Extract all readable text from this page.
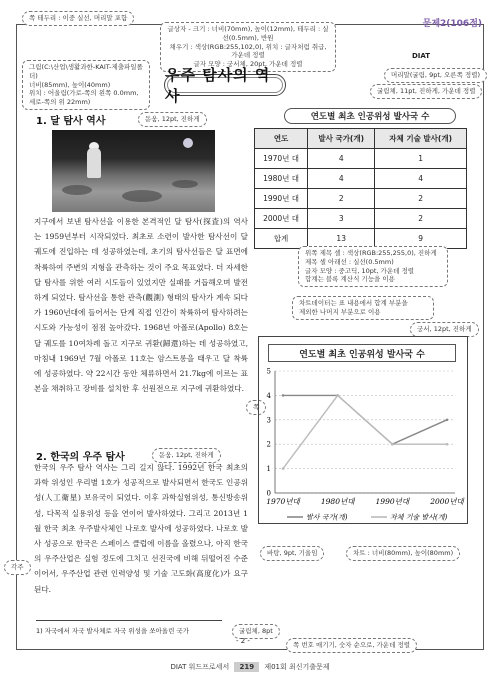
문제2(106점)
쪽 테두리 : 이중 실선, 머리말 포함
글상자 - 크기 : 너비(70mm), 높이(12mm), 테두리 : 실선(0.5mm), 반원
채우기 : 색상(RGB:255,102,0), 위치 : 글자처럼 취급, 가운데 정렬
글자 모양 : 궁서체, 20pt, 가운데 정렬
DIAT
머리말(굴림, 9pt, 오른쪽 정렬)
굴림체, 11pt, 진하게, 가운데 정렬
그림(C:\산업\생활과한-KAIT-제출파일폴더)
너비(85mm), 높이(40mm)
위치 : 어울림(가로-쪽의 왼쪽 0.0mm,
세로-쪽의 위 22mm)
우주 탐사의 역사
1. 달 탐사 역사	돋움, 12pt, 진하게
지구에서 보낸 탐사선을 이용한 본격적인 달 탐사(探査)의 역사는 1959년부터 시작되었다. 최초로 소련이 발사한 탐사선이 달 궤도에 진입하는 데 성공하였는데, 초기의 탐사선들은 달 표면에 착륙하여 주변의 지형을 관측하는 것이 주요 목표였다. 더 자세한 달 탐사를 위한 여러 시도들이 있었지만 실패를 거듭해오며 발전하게 되었다. 탐사선을 통한 관측(觀測) 형태의 탐사가 계속 되다가 1960년대에 들어서는 단계 직접 인간이 착륙하여 탐사하려는 시도와 가능성이 점점 높아갔다. 1968년 아폴로(Apollo) 8호는 달 궤도를 10여차례 돌고 지구로 귀환(歸還)하는 데 성공하였고, 마침내 1969년 7월 아폴로 11호는 암스트롱을 태우고 달 착륙에 성공하였다. 약 22시간 동안 체류하면서 21.7kg에 이르는 표본을 채취하고 장비를 설치한 후 선원전으로 지구에 귀환하였다.
쪽
2. 한국의 우주 탐사	돋움, 12pt, 진하게
한국의 우주 탐사 역사는 그리 길지 않다. 1992년 한국 최초의 과학 위성인 우리별 1호가 성공적으로 발사되면서 한국도 인공위성(人工衛星) 보유국이 되었다. 이후 과학실험위성, 통신방송위성, 다목적 실용위성 등을 연이어 발사하였다. 그리고 2013년 1월 한국 최초 우주발사체인 나로호 발사에 성공하였다. 나로호 발사 성공으로 한국은 스페이스 클럽에 이름을 올렸으나, 아직 한국의 우주산업은 실험 정도에 그치고 선진국에 비해 뒤떨어진 수준이어서, 우주산업 관련 인력양성 및 기술 고도화(高度化)가 요구된다.
각주
연도별 최초 인공위성 발사국 수
연도	발사 국가(개)	자체 기술 발사(개)
1970년 대	4	1
1980년 대	4	4
1990년 대	2	2
2000년 대	3	2
합계	13	9
위쪽 제목 셀 : 색상(RGB:255,255,0), 진하게
제목 셀 아래선 : 실선(0.5mm)
글자 모양 : 중고딕, 10pt, 가운데 정렬
합계는 블록 계산식 기능을 이용
차트데이터는 표 내용에서 합계 부분을
제외한 나머지 부분으로 이용
궁서, 12pt, 진하게
0
1
2
3
4
5
1970년대	1980년대	1990년대	2000년대
발사 국가(개)	자체 기술 발사(개)
연도별 최초 인공위성 발사국 수
바탕, 9pt, 기울임	차트 : 너비(80mm), 높이(80mm)
1) 자국에서 자국 발사체로 자국 위성을 쏘아올린 국가	굴림체, 8pt
- 2 -	쪽 번호 매기기, 숫자 순으로, 가운데 정렬
DIAT 워드프로세서 219 제01회 최신기출문제
